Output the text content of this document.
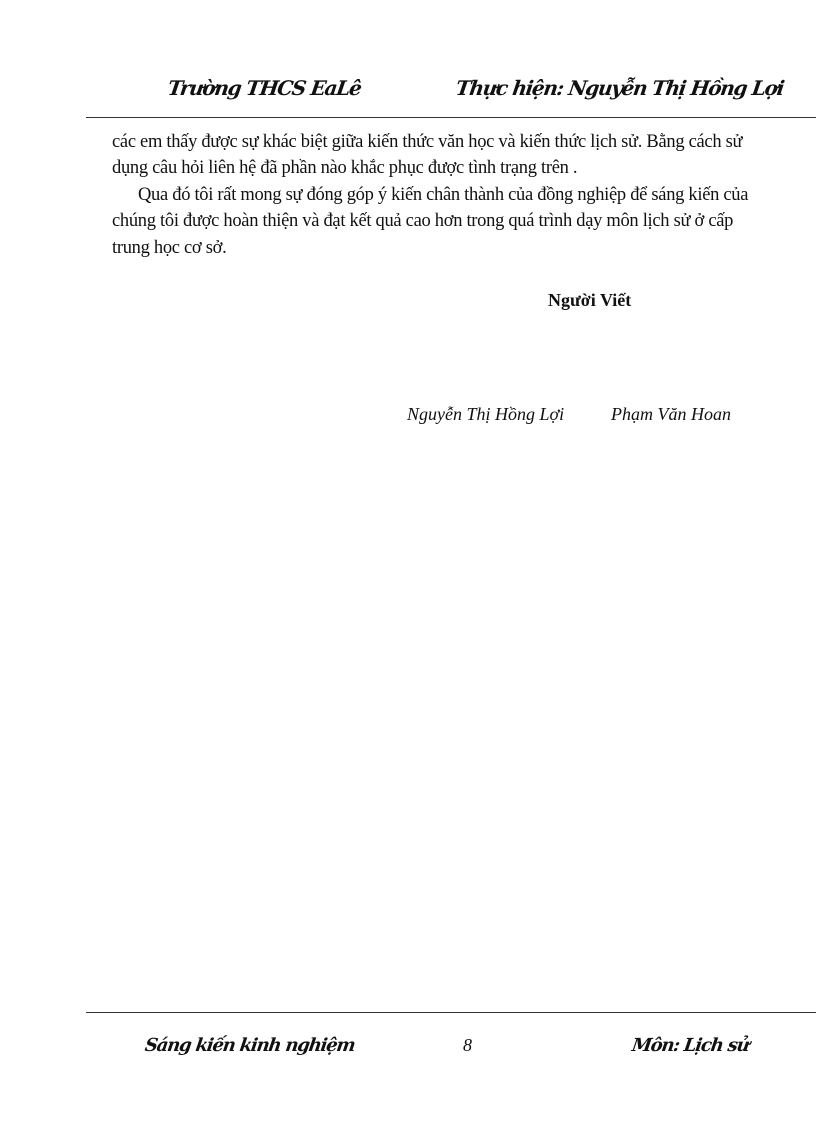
Trường THCS EaLê	Thực hiện: Nguyễn Thị Hồng Lợi

các em thấy được sự khác biệt giữa kiến thức văn học và kiến thức lịch sử. Bằng cách sử dụng câu hỏi liên hệ đã phần nào khắc phục được tình trạng trên .

Qua đó tôi rất mong sự đóng góp ý kiến chân thành của đồng nghiệp để sáng kiến của chúng tôi được hoàn thiện và đạt kết quả cao hơn trong quá trình dạy môn lịch sử ở cấp trung học cơ sở.

Người Viết
Nguyễn Thị Hồng Lợi	Phạm Văn Hoan
Sáng kiến kinh nghiệm	8	Môn: Lịch sử
